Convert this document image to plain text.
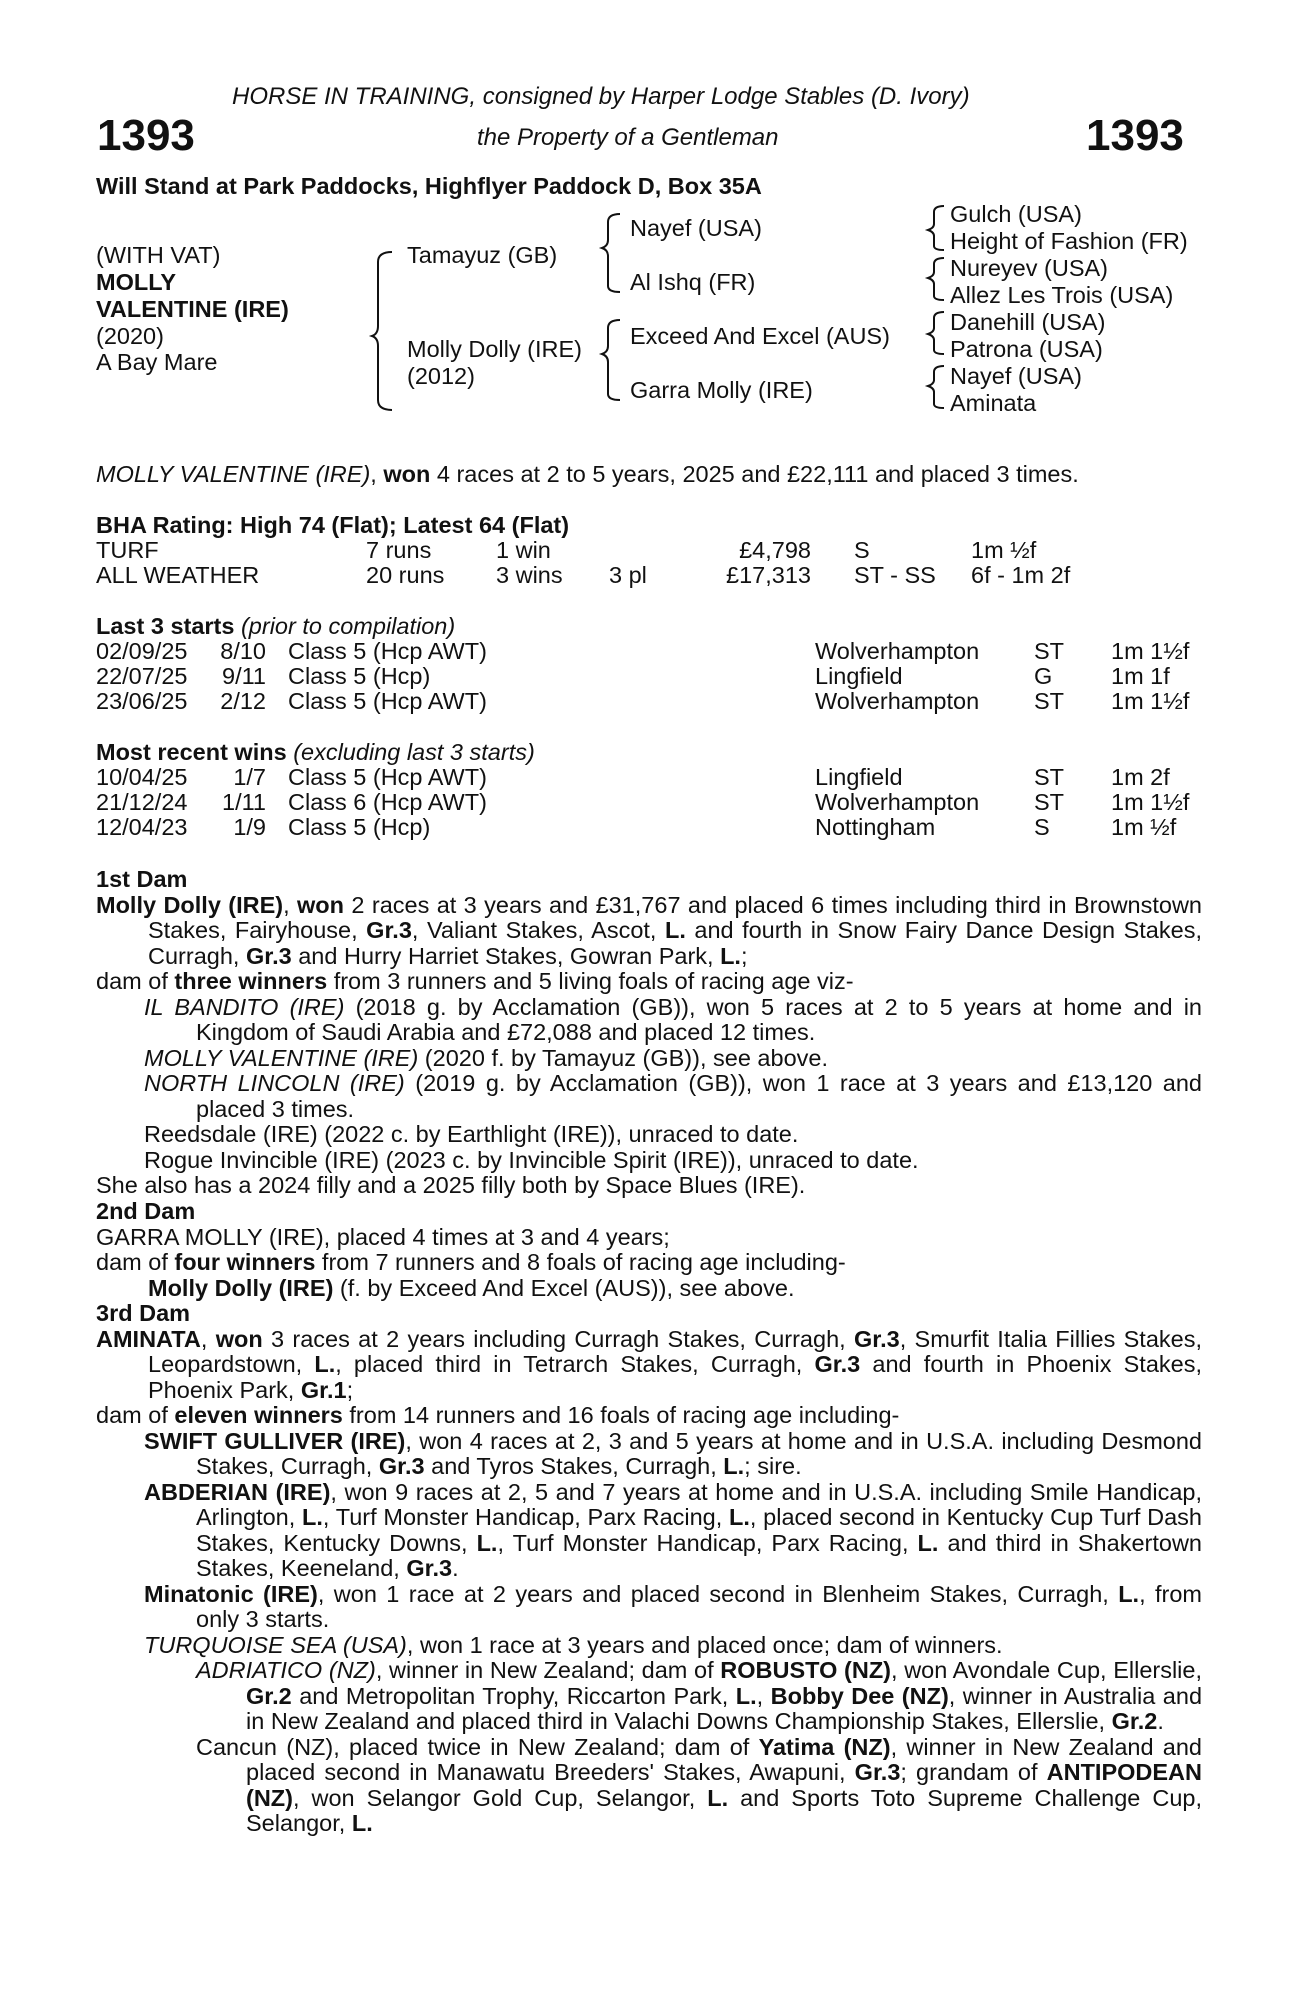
HORSE IN TRAINING, consigned by Harper Lodge Stables (D. Ivory)
1393	1393
the Property of a Gentleman
Will Stand at Park Paddocks, Highflyer Paddock D, Box 35A
(WITH VAT)
MOLLY
VALENTINE (IRE)
(2020)
A Bay Mare
Tamayuz (GB)
Molly Dolly (IRE)
(2012)
Nayef (USA)
Al Ishq (FR)
Exceed And Excel (AUS)
Garra Molly (IRE)
Gulch (USA)
Height of Fashion (FR)
Nureyev (USA)
Allez Les Trois (USA)
Danehill (USA)
Patrona (USA)
Nayef (USA)
Aminata
MOLLY VALENTINE (IRE), won 4 races at 2 to 5 years, 2025 and £22,111 and placed 3 times.
BHA Rating: High 74 (Flat); Latest 64 (Flat)
TURF	7 runs	1 win	£4,798 S	1m ½f
ALL WEATHER	20 runs 3 wins 3 pl	£17,313 ST - SS 6f - 1m 2f
Last 3 starts (prior to compilation)
02/09/25	8/10 Class 5 (Hcp AWT)	Wolverhampton ST 1m 1½f
22/07/25	9/11 Class 5 (Hcp)	Lingfield	G 1m 1f
23/06/25	2/12 Class 5 (Hcp AWT)	Wolverhampton ST 1m 1½f
Most recent wins (excluding last 3 starts)
10/04/25	1/7 Class 5 (Hcp AWT)	Lingfield	ST 1m 2f
21/12/24	1/11 Class 6 (Hcp AWT)	Wolverhampton ST 1m 1½f
12/04/23	1/9 Class 5 (Hcp)	Nottingham	S	1m ½f

1st Dam

Molly Dolly (IRE), won 2 races at 3 years and £31,767 and placed 6 times including third in Brownstown Stakes, Fairyhouse, Gr.3, Valiant Stakes, Ascot, L. and fourth in Snow Fairy Dance Design Stakes, Curragh, Gr.3 and Hurry Harriet Stakes, Gowran Park, L.;

dam of three winners from 3 runners and 5 living foals of racing age viz-

IL BANDITO (IRE) (2018 g. by Acclamation (GB)), won 5 races at 2 to 5 years at home and in Kingdom of Saudi Arabia and £72,088 and placed 12 times.

MOLLY VALENTINE (IRE) (2020 f. by Tamayuz (GB)), see above.

NORTH LINCOLN (IRE) (2019 g. by Acclamation (GB)), won 1 race at 3 years and £13,120 and placed 3 times.

Reedsdale (IRE) (2022 c. by Earthlight (IRE)), unraced to date.

Rogue Invincible (IRE) (2023 c. by Invincible Spirit (IRE)), unraced to date.

She also has a 2024 filly and a 2025 filly both by Space Blues (IRE).

2nd Dam

GARRA MOLLY (IRE), placed 4 times at 3 and 4 years;

dam of four winners from 7 runners and 8 foals of racing age including-

Molly Dolly (IRE) (f. by Exceed And Excel (AUS)), see above.

3rd Dam

AMINATA, won 3 races at 2 years including Curragh Stakes, Curragh, Gr.3, Smurfit Italia Fillies Stakes, Leopardstown, L., placed third in Tetrarch Stakes, Curragh, Gr.3 and fourth in Phoenix Stakes, Phoenix Park, Gr.1;

dam of eleven winners from 14 runners and 16 foals of racing age including-

SWIFT GULLIVER (IRE), won 4 races at 2, 3 and 5 years at home and in U.S.A. including Desmond Stakes, Curragh, Gr.3 and Tyros Stakes, Curragh, L.; sire.

ABDERIAN (IRE), won 9 races at 2, 5 and 7 years at home and in U.S.A. including Smile Handicap, Arlington, L., Turf Monster Handicap, Parx Racing, L., placed second in Kentucky Cup Turf Dash Stakes, Kentucky Downs, L., Turf Monster Handicap, Parx Racing, L. and third in Shakertown Stakes, Keeneland, Gr.3.

Minatonic (IRE), won 1 race at 2 years and placed second in Blenheim Stakes, Curragh, L., from only 3 starts.

TURQUOISE SEA (USA), won 1 race at 3 years and placed once; dam of winners.

ADRIATICO (NZ), winner in New Zealand; dam of ROBUSTO (NZ), won Avondale Cup, Ellerslie, Gr.2 and Metropolitan Trophy, Riccarton Park, L., Bobby Dee (NZ), winner in Australia and in New Zealand and placed third in Valachi Downs Championship Stakes, Ellerslie, Gr.2.

Cancun (NZ), placed twice in New Zealand; dam of Yatima (NZ), winner in New Zealand and placed second in Manawatu Breeders' Stakes, Awapuni, Gr.3; grandam of ANTIPODEAN (NZ), won Selangor Gold Cup, Selangor, L. and Sports Toto Supreme Challenge Cup, Selangor, L.
